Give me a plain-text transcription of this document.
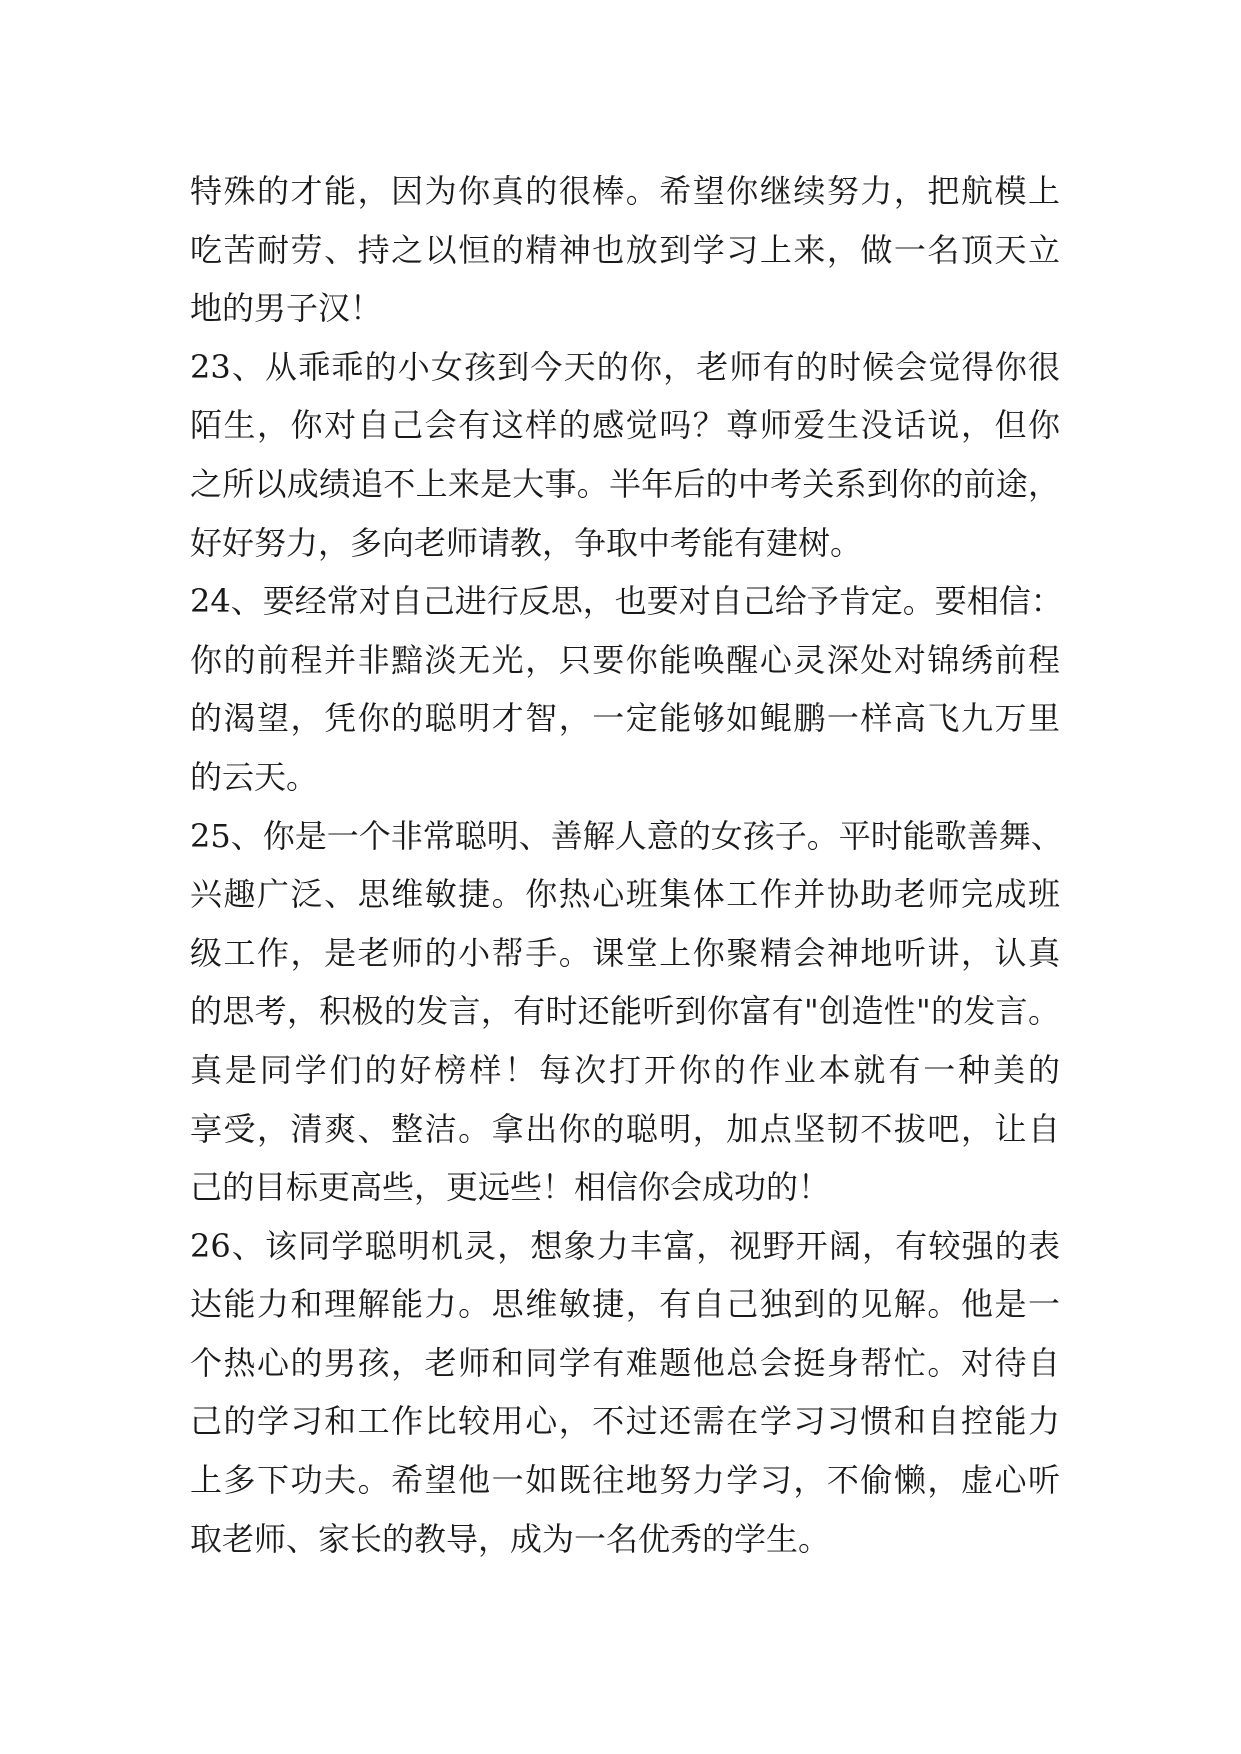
特殊的才能，因为你真的很棒。希望你继续努力，把航模上
吃苦耐劳、持之以恒的精神也放到学习上来，做一名顶天立
地的男子汉！
23、从乖乖的小女孩到今天的你，老师有的时候会觉得你很
陌生，你对自己会有这样的感觉吗？尊师爱生没话说，但你
之所以成绩追不上来是大事。半年后的中考关系到你的前途，
好好努力，多向老师请教，争取中考能有建树。
24、要经常对自己进行反思，也要对自己给予肯定。要相信：
你的前程并非黯淡无光，只要你能唤醒心灵深处对锦绣前程
的渴望，凭你的聪明才智，一定能够如鲲鹏一样高飞九万里
的云天。
25、你是一个非常聪明、善解人意的女孩子。平时能歌善舞、
兴趣广泛、思维敏捷。你热心班集体工作并协助老师完成班
级工作，是老师的小帮手。课堂上你聚精会神地听讲，认真
的思考，积极的发言，有时还能听到你富有"创造性"的发言。
真是同学们的好榜样！每次打开你的作业本就有一种美的
享受，清爽、整洁。拿出你的聪明，加点坚韧不拔吧，让自
己的目标更高些，更远些！相信你会成功的！
26、该同学聪明机灵，想象力丰富，视野开阔，有较强的表
达能力和理解能力。思维敏捷，有自己独到的见解。他是一
个热心的男孩，老师和同学有难题他总会挺身帮忙。对待自
己的学习和工作比较用心，不过还需在学习习惯和自控能力
上多下功夫。希望他一如既往地努力学习，不偷懒，虚心听
取老师、家长的教导，成为一名优秀的学生。
